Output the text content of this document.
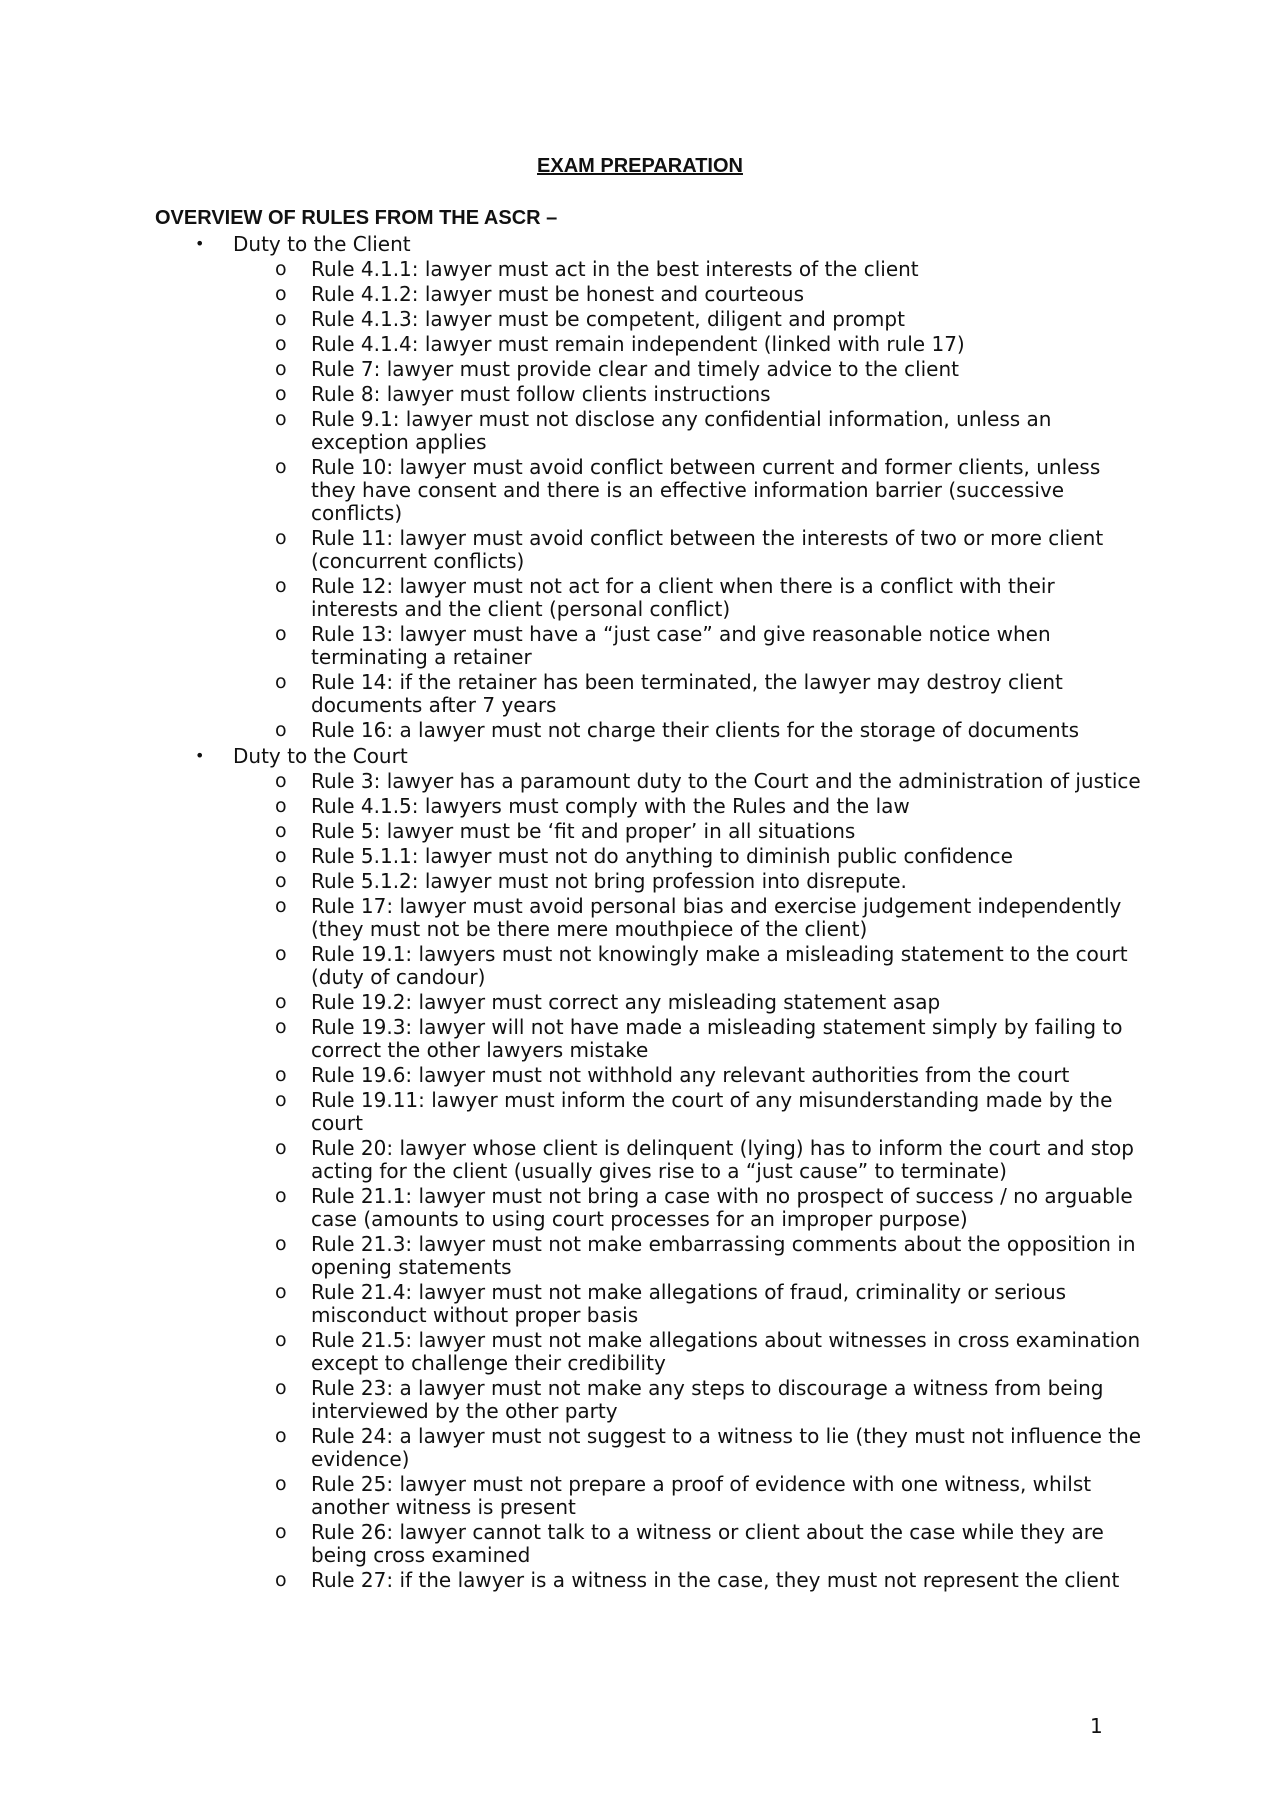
EXAM PREPARATION
OVERVIEW OF RULES FROM THE ASCR –
• Duty to the Client
o Rule 4.1.1: lawyer must act in the best interests of the client
o Rule 4.1.2: lawyer must be honest and courteous
o Rule 4.1.3: lawyer must be competent, diligent and prompt
o Rule 4.1.4: lawyer must remain independent (linked with rule 17)
o Rule 7: lawyer must provide clear and timely advice to the client
o Rule 8: lawyer must follow clients instructions
o Rule 9.1: lawyer must not disclose any confidential information, unless an exception applies
o Rule 10: lawyer must avoid conflict between current and former clients, unless they have consent and there is an effective information barrier (successive conflicts)
o Rule 11: lawyer must avoid conflict between the interests of two or more client (concurrent conflicts)
o Rule 12: lawyer must not act for a client when there is a conflict with their interests and the client (personal conflict)
o Rule 13: lawyer must have a “just case” and give reasonable notice when terminating a retainer
o Rule 14: if the retainer has been terminated, the lawyer may destroy client documents after 7 years
o Rule 16: a lawyer must not charge their clients for the storage of documents
• Duty to the Court
o Rule 3: lawyer has a paramount duty to the Court and the administration of justice
o Rule 4.1.5: lawyers must comply with the Rules and the law
o Rule 5: lawyer must be ‘fit and proper’ in all situations
o Rule 5.1.1: lawyer must not do anything to diminish public confidence
o Rule 5.1.2: lawyer must not bring profession into disrepute.
o Rule 17: lawyer must avoid personal bias and exercise judgement independently (they must not be there mere mouthpiece of the client)
o Rule 19.1: lawyers must not knowingly make a misleading statement to the court (duty of candour)
o Rule 19.2: lawyer must correct any misleading statement asap
o Rule 19.3: lawyer will not have made a misleading statement simply by failing to correct the other lawyers mistake
o Rule 19.6: lawyer must not withhold any relevant authorities from the court
o Rule 19.11: lawyer must inform the court of any misunderstanding made by the court
o Rule 20: lawyer whose client is delinquent (lying) has to inform the court and stop acting for the client (usually gives rise to a “just cause” to terminate)
o Rule 21.1: lawyer must not bring a case with no prospect of success / no arguable case (amounts to using court processes for an improper purpose)
o Rule 21.3: lawyer must not make embarrassing comments about the opposition in opening statements
o Rule 21.4: lawyer must not make allegations of fraud, criminality or serious misconduct without proper basis
o Rule 21.5: lawyer must not make allegations about witnesses in cross examination except to challenge their credibility
o Rule 23: a lawyer must not make any steps to discourage a witness from being interviewed by the other party
o Rule 24: a lawyer must not suggest to a witness to lie (they must not influence the evidence)
o Rule 25: lawyer must not prepare a proof of evidence with one witness, whilst another witness is present
o Rule 26: lawyer cannot talk to a witness or client about the case while they are being cross examined
o Rule 27: if the lawyer is a witness in the case, they must not represent the client
1
